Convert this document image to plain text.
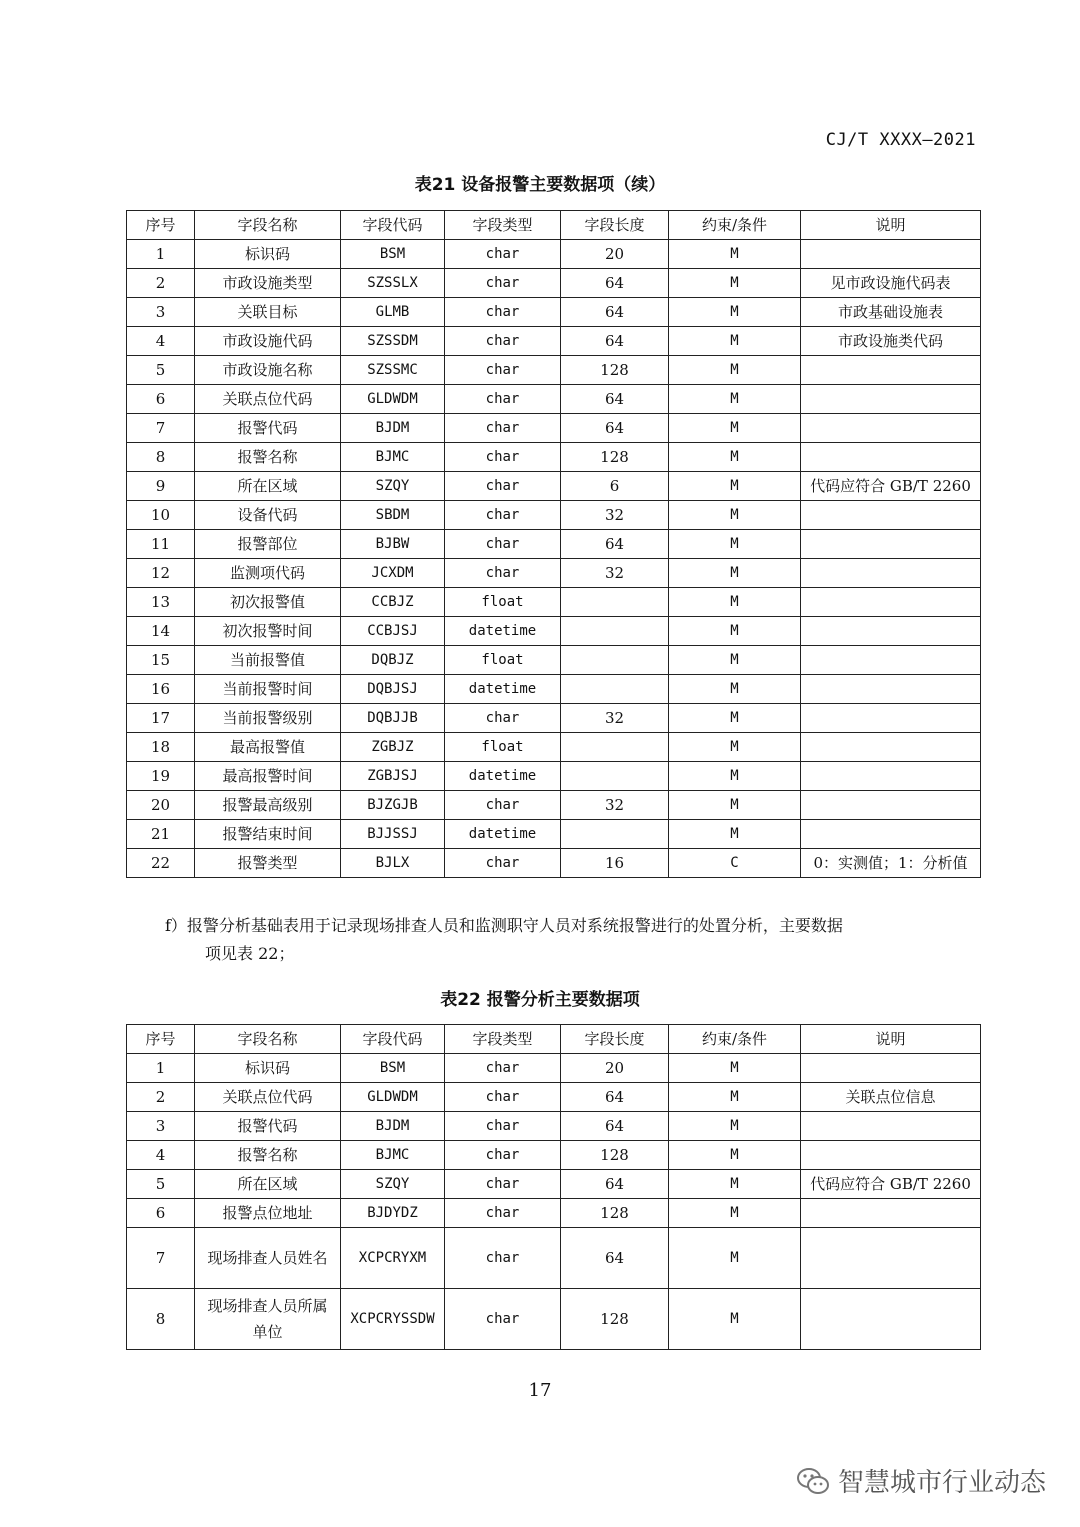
CJ/T XXXX—2021
表21 设备报警主要数据项（续）
序号	字段名称	字段代码	字段类型	字段长度	约束/条件	说明
1	标识码	BSM	char	20	M	
2	市政设施类型	SZSSLX	char	64	M	见市政设施代码表
3	关联目标	GLMB	char	64	M	市政基础设施表
4	市政设施代码	SZSSDM	char	64	M	市政设施类代码
5	市政设施名称	SZSSMC	char	128	M	
6	关联点位代码	GLDWDM	char	64	M	
7	报警代码	BJDM	char	64	M	
8	报警名称	BJMC	char	128	M	
9	所在区域	SZQY	char	6	M	代码应符合 GB/T 2260
10	设备代码	SBDM	char	32	M	
11	报警部位	BJBW	char	64	M	
12	监测项代码	JCXDM	char	32	M	
13	初次报警值	CCBJZ	float		M	
14	初次报警时间	CCBJSJ	datetime		M	
15	当前报警值	DQBJZ	float		M	
16	当前报警时间	DQBJSJ	datetime		M	
17	当前报警级别	DQBJJB	char	32	M	
18	最高报警值	ZGBJZ	float		M	
19	最高报警时间	ZGBJSJ	datetime		M	
20	报警最高级别	BJZGJB	char	32	M	
21	报警结束时间	BJJSSJ	datetime		M	
22	报警类型	BJLX	char	16	C	0：实测值；1：分析值
f）报警分析基础表用于记录现场排查人员和监测职守人员对系统报警进行的处置分析，主要数据
项见表 22；
表22 报警分析主要数据项
序号	字段名称	字段代码	字段类型	字段长度	约束/条件	说明
1	标识码	BSM	char	20	M	
2	关联点位代码	GLDWDM	char	64	M	关联点位信息
3	报警代码	BJDM	char	64	M	
4	报警名称	BJMC	char	128	M	
5	所在区域	SZQY	char	64	M	代码应符合 GB/T 2260
6	报警点位地址	BJDYDZ	char	128	M	
7	现场排查人员姓名	XCPCRYXM	char	64	M	
8	现场排查人员所属单位	XCPCRYSSDW	char	128	M	
17
智慧城市行业动态
